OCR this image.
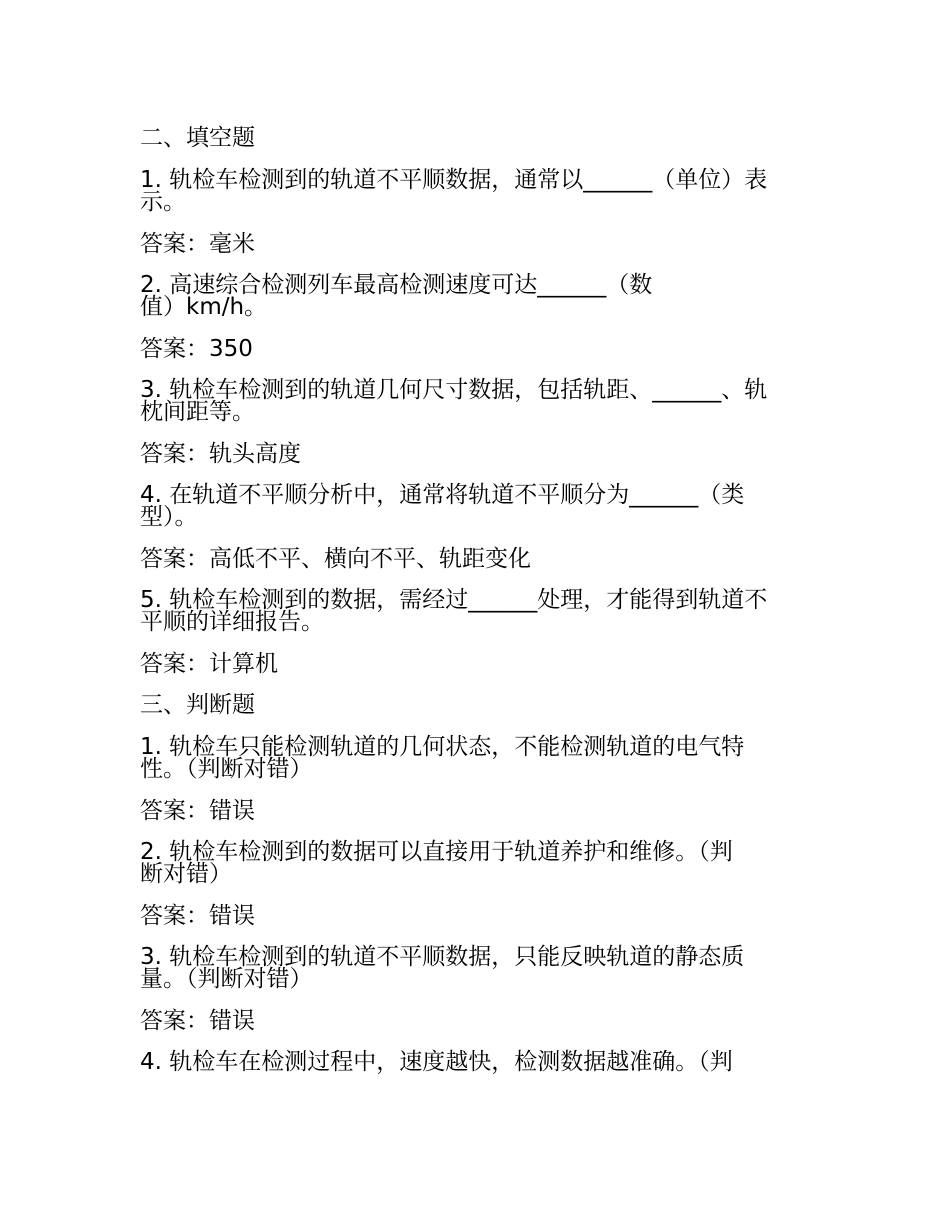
二、填空题
1. 轨检车检测到的轨道不平顺数据，通常以______（单位）表
示。
答案：毫米
2. 高速综合检测列车最高检测速度可达______（数
值）km/h。
答案：350
3. 轨检车检测到的轨道几何尺寸数据，包括轨距、______、轨
枕间距等。
答案：轨头高度
4. 在轨道不平顺分析中，通常将轨道不平顺分为______（类
型）。
答案：高低不平、横向不平、轨距变化
5. 轨检车检测到的数据，需经过______处理，才能得到轨道不
平顺的详细报告。
答案：计算机
三、判断题
1. 轨检车只能检测轨道的几何状态，不能检测轨道的电气特
性。（判断对错）
答案：错误
2. 轨检车检测到的数据可以直接用于轨道养护和维修。（判
断对错）
答案：错误
3. 轨检车检测到的轨道不平顺数据，只能反映轨道的静态质
量。（判断对错）
答案：错误
4. 轨检车在检测过程中，速度越快，检测数据越准确。（判
